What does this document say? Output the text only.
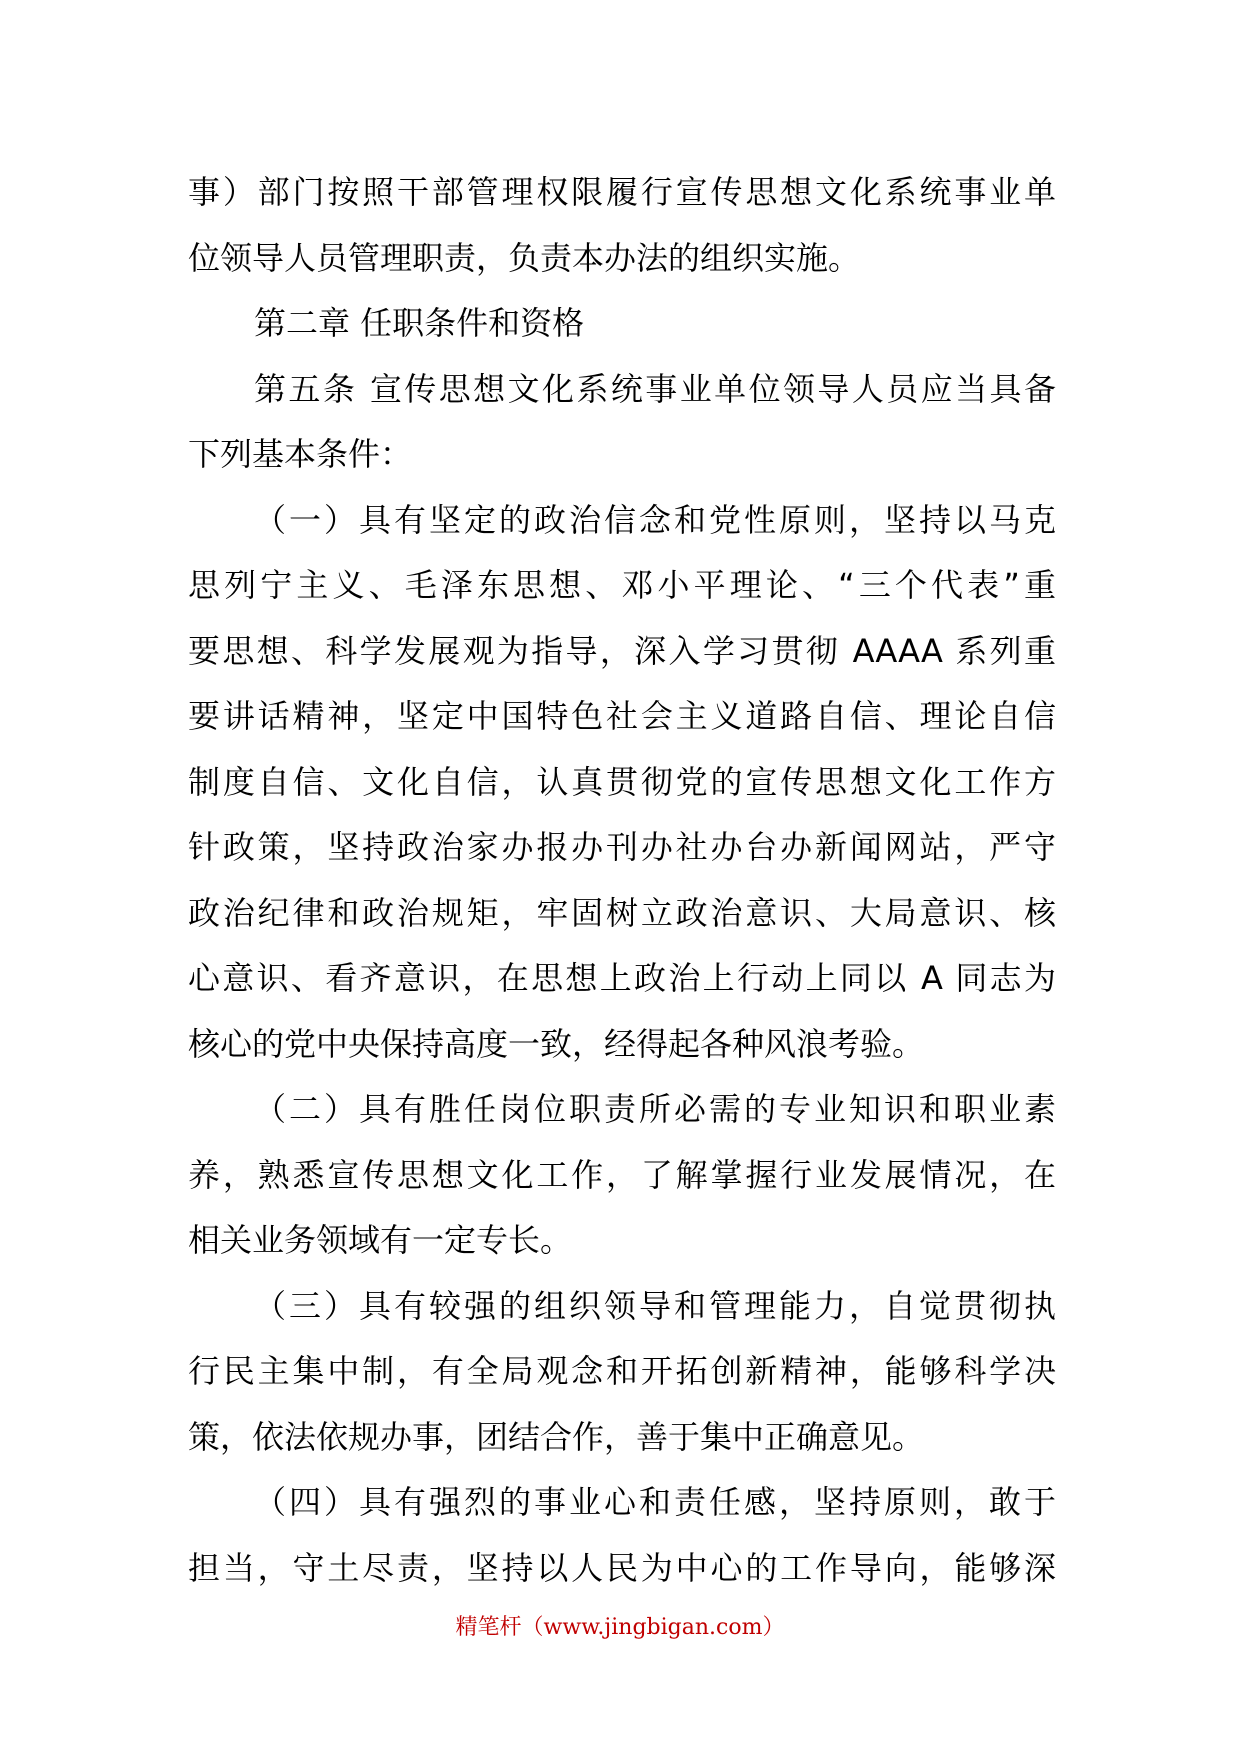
事）部门按照干部管理权限履行宣传思想文化系统事业单
位领导人员管理职责，负责本办法的组织实施。
第二章 任职条件和资格
第五条 宣传思想文化系统事业单位领导人员应当具备
下列基本条件：
（一）具有坚定的政治信念和党性原则，坚持以马克
思列宁主义、毛泽东思想、邓小平理论、“三个代表”重
要思想、科学发展观为指导，深入学习贯彻 AAAA 系列重
要讲话精神，坚定中国特色社会主义道路自信、理论自信
制度自信、文化自信，认真贯彻党的宣传思想文化工作方
针政策，坚持政治家办报办刊办社办台办新闻网站，严守
政治纪律和政治规矩，牢固树立政治意识、大局意识、核
心意识、看齐意识，在思想上政治上行动上同以 A 同志为
核心的党中央保持高度一致，经得起各种风浪考验。
（二）具有胜任岗位职责所必需的专业知识和职业素
养，熟悉宣传思想文化工作，了解掌握行业发展情况，在
相关业务领域有一定专长。
（三）具有较强的组织领导和管理能力，自觉贯彻执
行民主集中制，有全局观念和开拓创新精神，能够科学决
策，依法依规办事，团结合作，善于集中正确意见。
（四）具有强烈的事业心和责任感，坚持原则，敢于
担当，守土尽责，坚持以人民为中心的工作导向，能够深
精笔杆（www.jingbigan.com）
